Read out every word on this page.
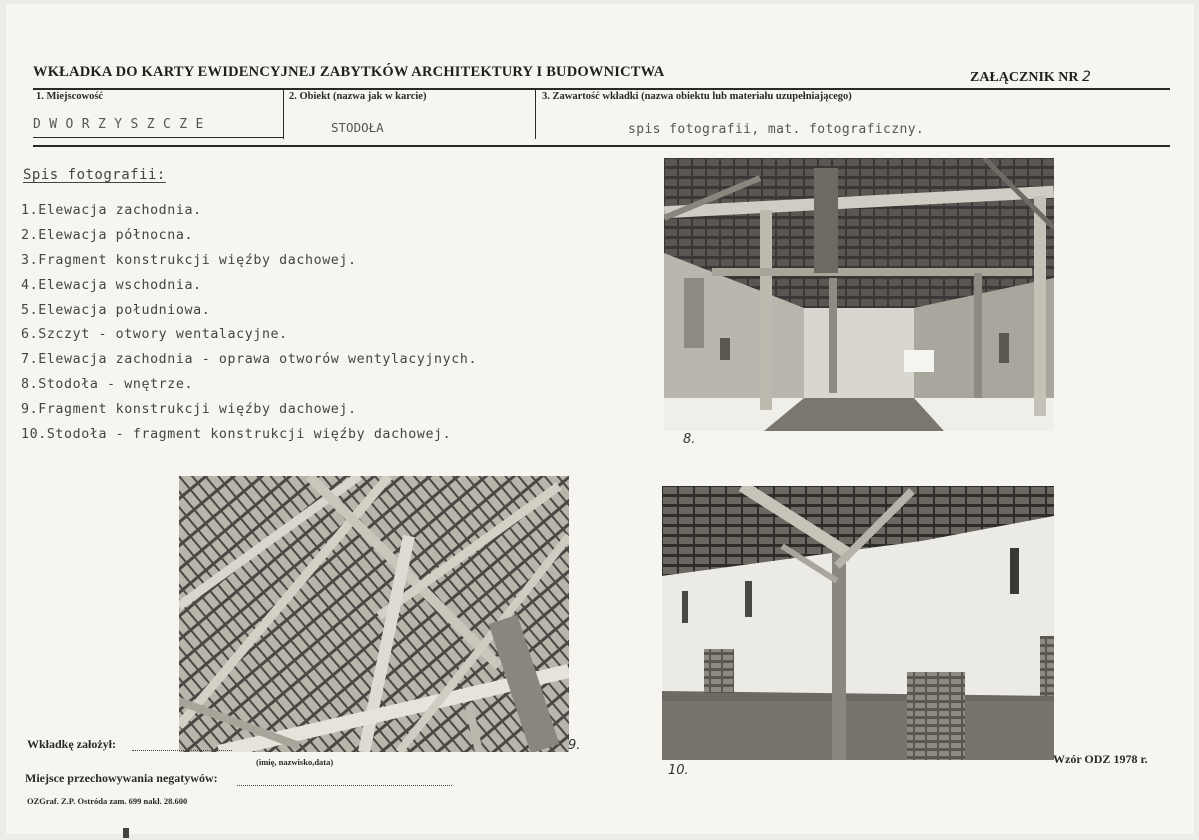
WKŁADKA DO KARTY EWIDENCYJNEJ ZABYTKÓW ARCHITEKTURY I BUDOWNICTWA	ZAŁĄCZNIK NR 2
1. Miejscowość
D W O R Z Y S Z C Z E
2. Obiekt (nazwa jak w karcie)
STODOŁA
3. Zawartość wkładki (nazwa obiektu lub materiału uzupełniającego)
spis fotografii, mat. fotograficzny.
Spis fotografii:
1.Elewacja zachodnia.
2.Elewacja północna.
3.Fragment konstrukcji więźby dachowej.
4.Elewacja wschodnia.
5.Elewacja południowa.
6.Szczyt - otwory wentalacyjne.
7.Elewacja zachodnia - oprawa otworów wentylacyjnych.
8.Stodoła - wnętrze.
9.Fragment konstrukcji więźby dachowej.
10.Stodoła - fragment konstrukcji więźby dachowej.	8.
9.
10.
Wkładkę założył:
(imię, nazwisko,data)
Miejsce przechowywania negatywów:
OZGraf. Z.P. Ostróda zam. 699 nakł. 28.600
Wzór ODZ 1978 r.
